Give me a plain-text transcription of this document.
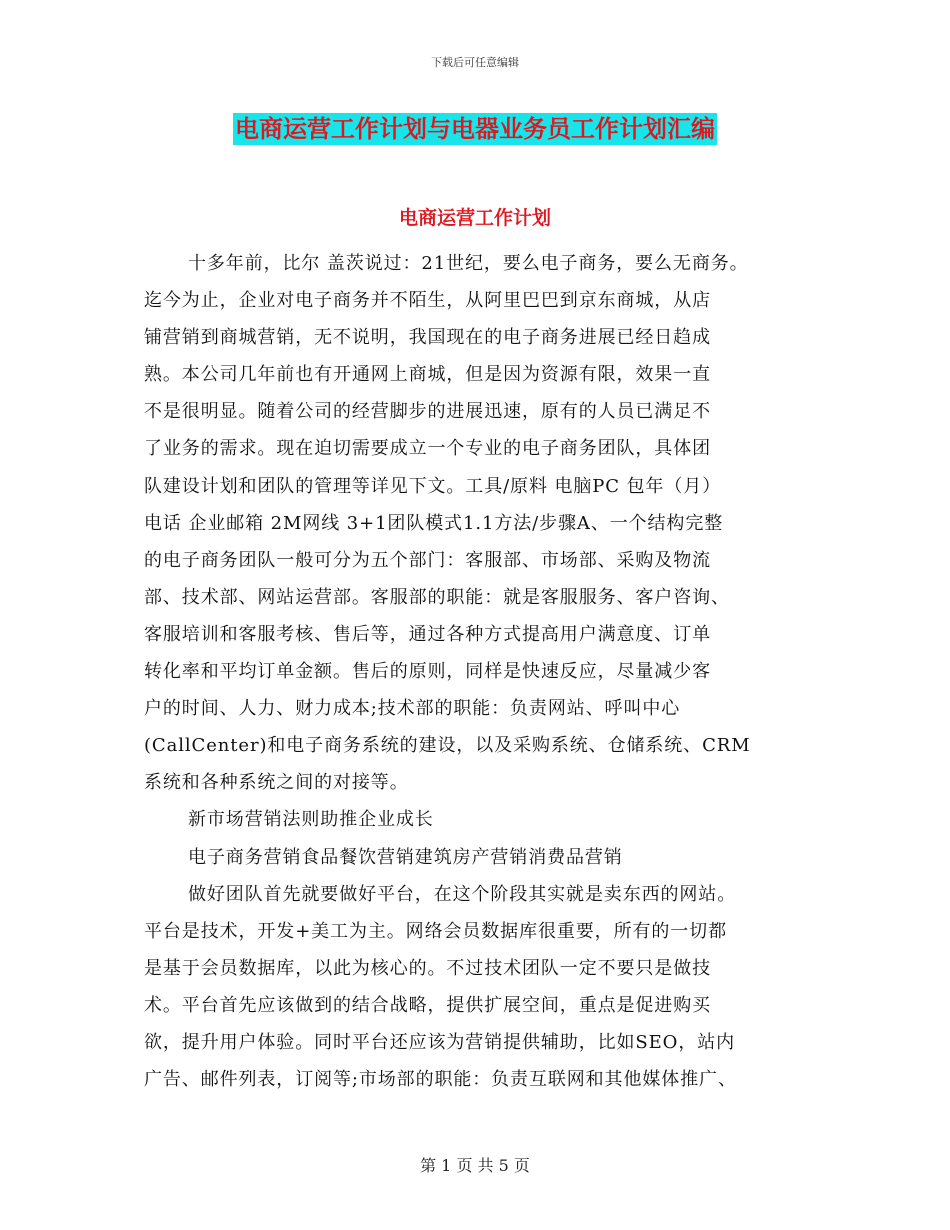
下载后可任意编辑
电商运营工作计划与电器业务员工作计划汇编
电商运营工作计划
十多年前，比尔 盖茨说过：21世纪，要么电子商务，要么无商务。
迄今为止，企业对电子商务并不陌生，从阿里巴巴到京东商城，从店
铺营销到商城营销，无不说明，我国现在的电子商务进展已经日趋成
熟。本公司几年前也有开通网上商城，但是因为资源有限，效果一直
不是很明显。随着公司的经营脚步的进展迅速，原有的人员已满足不
了业务的需求。现在迫切需要成立一个专业的电子商务团队，具体团
队建设计划和团队的管理等详见下文。工具/原料 电脑PC 包年（月）
电话 企业邮箱 2M网线 3+1团队模式1.1方法/步骤A、一个结构完整
的电子商务团队一般可分为五个部门：客服部、市场部、采购及物流
部、技术部、网站运营部。客服部的职能：就是客服服务、客户咨询、
客服培训和客服考核、售后等，通过各种方式提高用户满意度、订单
转化率和平均订单金额。售后的原则，同样是快速反应，尽量减少客
户的时间、人力、财力成本;技术部的职能：负责网站、呼叫中心
(CallCenter)和电子商务系统的建设，以及采购系统、仓储系统、CRM
系统和各种系统之间的对接等。
新市场营销法则助推企业成长
电子商务营销食品餐饮营销建筑房产营销消费品营销
做好团队首先就要做好平台，在这个阶段其实就是卖东西的网站。
平台是技术，开发+美工为主。网络会员数据库很重要，所有的一切都
是基于会员数据库，以此为核心的。不过技术团队一定不要只是做技
术。平台首先应该做到的结合战略，提供扩展空间，重点是促进购买
欲，提升用户体验。同时平台还应该为营销提供辅助，比如SEO，站内
广告、邮件列表，订阅等;市场部的职能：负责互联网和其他媒体推广、
第 1 页 共 5 页
